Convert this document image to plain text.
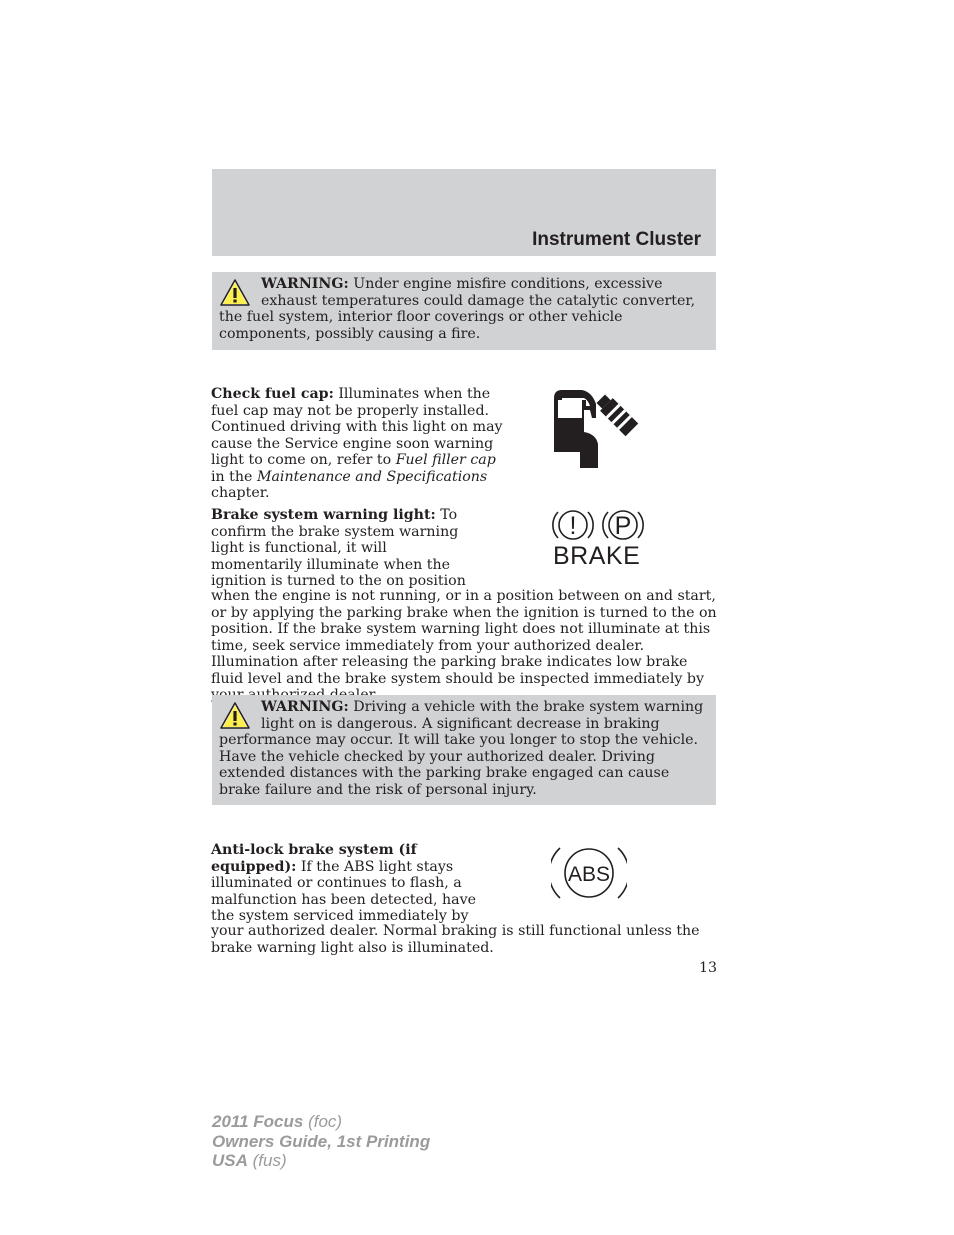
Instrument Cluster
WARNING: Under engine misfire conditions, excessive exhaust temperatures could damage the catalytic converter, the fuel system, interior floor coverings or other vehicle components, possibly causing a fire.
Check fuel cap: Illuminates when the fuel cap may not be properly installed. Continued driving with this light on may cause the Service engine soon warning light to come on, refer to Fuel filler cap in the Maintenance and Specifications chapter.
Brake system warning light: To confirm the brake system warning light is functional, it will momentarily illuminate when the ignition is turned to the on position
! P
BRAKE
when the engine is not running, or in a position between on and start, or by applying the parking brake when the ignition is turned to the on position. If the brake system warning light does not illuminate at this time, seek service immediately from your authorized dealer. Illumination after releasing the parking brake indicates low brake fluid level and the brake system should be inspected immediately by
WARNING: Driving a vehicle with the brake system warning light on is dangerous. A significant decrease in braking performance may occur. It will take you longer to stop the vehicle. Have the vehicle checked by your authorized dealer. Driving extended distances with the parking brake engaged can cause brake failure and the risk of personal injury.
Anti-lock brake system (if equipped): If the ABS light stays illuminated or continues to flash, a malfunction has been detected, have the system serviced immediately by
ABS
your authorized dealer. Normal braking is still functional unless the brake warning light also is illuminated.
13
2011 Focus (foc)
Owners Guide, 1st Printing
USA (fus)
